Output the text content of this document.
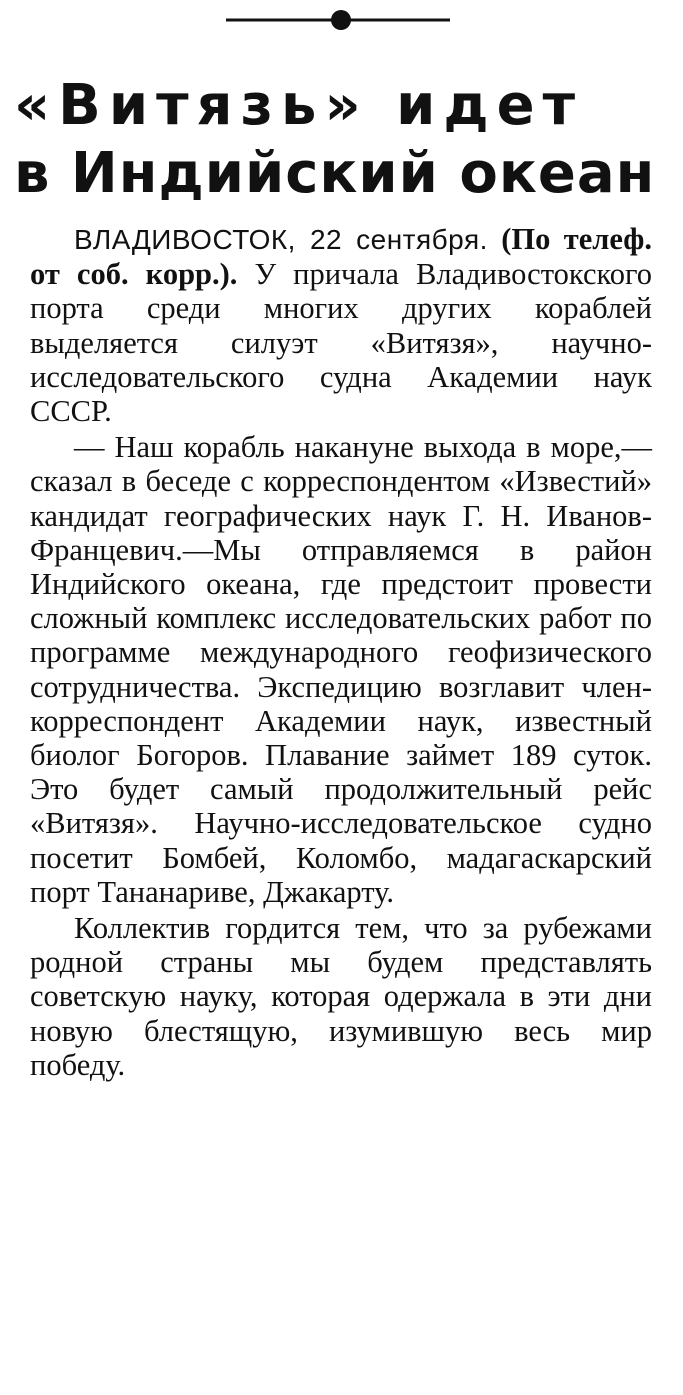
«Витязь» идет
в Индийский океан

ВЛАДИВОСТОК, 22 сентября. (По телеф. от соб. корр.). У причала Владивостокского порта среди многих других кораблей выделяется силуэт «Витязя», научно-исследовательского судна Академии наук СССР.

— Наш корабль накануне выхода в море,— сказал в беседе с корреспондентом «Известий» кандидат географических наук Г. Н. Иванов-Францевич.—Мы отправляемся в район Индийского океана, где предстоит провести сложный комплекс исследовательских работ по программе международного геофизического сотрудничества. Экспедицию возглавит член-корреспондент Академии наук, известный биолог Богоров. Плавание займет 189 суток. Это будет самый продолжительный рейс «Витязя». Научно-исследовательское судно посетит Бомбей, Коломбо, мадагаскарский порт Тананариве, Джакарту.

Коллектив гордится тем, что за рубежами родной страны мы будем представлять советскую науку, которая одержала в эти дни новую блестящую, изумившую весь мир победу.
